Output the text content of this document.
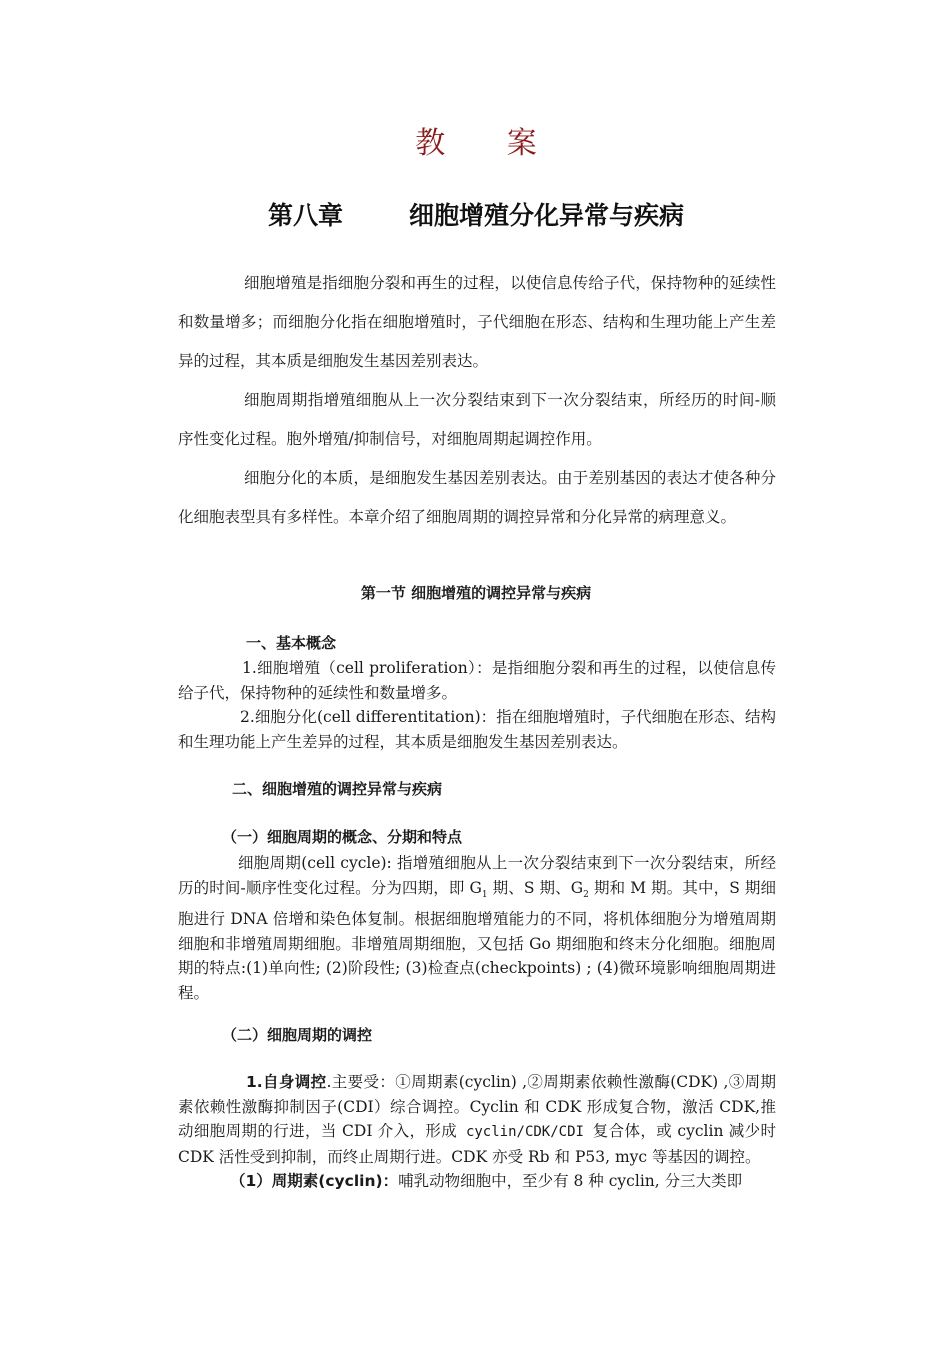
教 案
第八章	细胞增殖分化异常与疾病

细胞增殖是指细胞分裂和再生的过程，以使信息传给子代，保持物种的延续性和数量增多；而细胞分化指在细胞增殖时，子代细胞在形态、结构和生理功能上产生差异的过程，其本质是细胞发生基因差别表达。

细胞周期指增殖细胞从上一次分裂结束到下一次分裂结束，所经历的时间-顺序性变化过程。胞外增殖/抑制信号，对细胞周期起调控作用。

细胞分化的本质，是细胞发生基因差别表达。由于差别基因的表达才使各种分化细胞表型具有多样性。本章介绍了细胞周期的调控异常和分化异常的病理意义。

第一节 细胞增殖的调控异常与疾病
一、基本概念

1.细胞增殖（cell proliferation）：是指细胞分裂和再生的过程，以使信息传给子代，保持物种的延续性和数量增多。

2.细胞分化(cell differentitation)：指在细胞增殖时，子代细胞在形态、结构和生理功能上产生差异的过程，其本质是细胞发生基因差别表达。

二、细胞增殖的调控异常与疾病
（一）细胞周期的概念、分期和特点

细胞周期(cell cycle): 指增殖细胞从上一次分裂结束到下一次分裂结束，所经历的时间-顺序性变化过程。分为四期，即 $G_1$ 期、S 期、$G_2$ 期和 M 期。其中，S 期细胞进行 DNA 倍增和染色体复制。根据细胞增殖能力的不同，将机体细胞分为增殖周期细胞和非增殖周期细胞。非增殖周期细胞，又包括 Go 期细胞和终末分化细胞。细胞周期的特点:(1)单向性; (2)阶段性; (3)检查点(checkpoints) ; (4)微环境影响细胞周期进程。

（二）细胞周期的调控

1.自身调控.主要受：①周期素(cyclin) ,②周期素依赖性激酶(CDK) ,③周期素依赖性激酶抑制因子(CDI）综合调控。Cyclin 和 CDK 形成复合物，激活 CDK,推动细胞周期的行进，当 CDI 介入，形成 cyclin/CDK/CDI 复合体，或 cyclin 减少时 CDK 活性受到抑制，而终止周期行进。CDK 亦受 Rb 和 P53, myc 等基因的调控。

（1）周期素(cyclin)：哺乳动物细胞中，至少有 8 种 cyclin, 分三大类即
